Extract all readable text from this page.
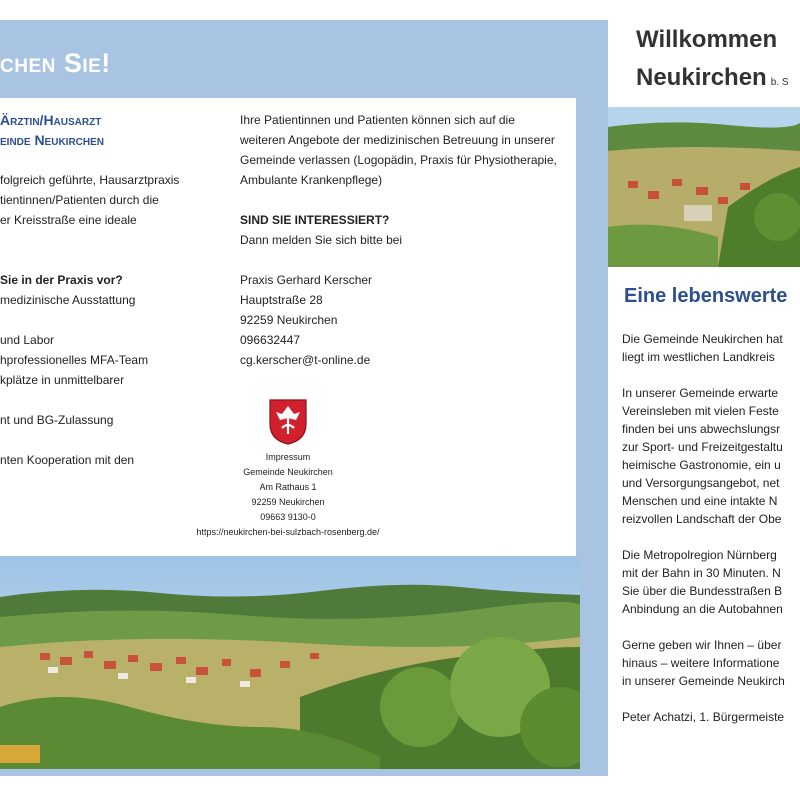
chen Sie!
Ärztin/Hausarzt
einde Neukirchen
folgreich geführte, Hausarztpraxis
tientinnen/Patienten durch die
er Kreisstraße eine ideale
Sie in der Praxis vor?
medizinische Ausstattung
und Labor
hprofessionelles MFA-Team
kplätze in unmittelbarer
nt und BG-Zulassung
nten Kooperation mit den
Ihre Patientinnen und Patienten können sich auf die
weiteren Angebote der medizinischen Betreuung in unserer
Gemeinde verlassen (Logopädin, Praxis für Physiotherapie,
Ambulante Krankenpflege)
SIND SIE INTERESSIERT?
Dann melden Sie sich bitte bei
Praxis Gerhard Kerscher
Hauptstraße 28
92259 Neukirchen
096632447
cg.kerscher@t-online.de
Impressum
Gemeinde Neukirchen
Am Rathaus 1
92259 Neukirchen
09663 9130-0
https://neukirchen-bei-sulzbach-rosenberg.de/
Willkommen
Neukirchen b. S
Eine lebenswerte
Die Gemeinde Neukirchen hat
liegt im westlichen Landkreis
In unserer Gemeinde erwarte
Vereinsleben mit vielen Feste
finden bei uns abwechslungsr
zur Sport- und Freizeitgestaltu
heimische Gastronomie, ein u
und Versorgungsangebot, net
Menschen und eine intakte N
reizvollen Landschaft der Obe
Die Metropolregion Nürnberg
mit der Bahn in 30 Minuten. N
Sie über die Bundesstraßen B
Anbindung an die Autobahnen
Gerne geben wir Ihnen – über
hinaus – weitere Informatione
in unserer Gemeinde Neukirch
Peter Achatzi, 1. Bürgermeiste
